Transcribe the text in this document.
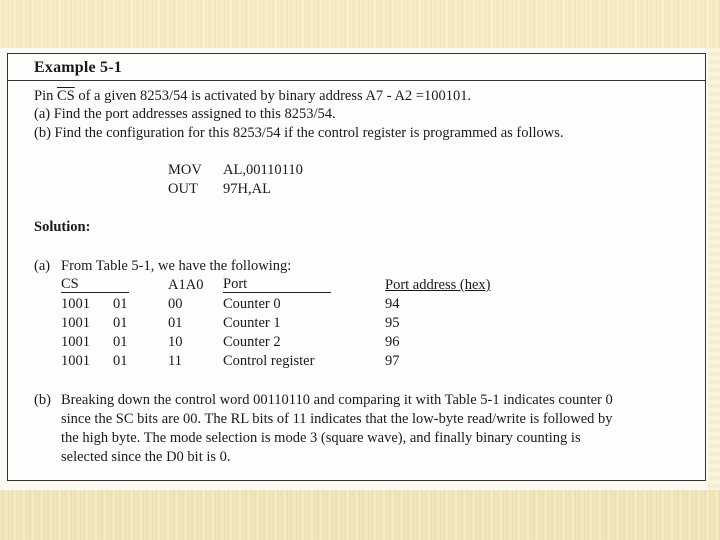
Example 5-1
Pin $\overline{CS}$ of a given 8253/54 is activated by binary address A7 - A2 =100101.
(a) Find the port addresses assigned to this 8253/54.
(b) Find the configuration for this 8253/54 if the control register is programmed as follows.
MOV AL,00110110
OUT 97H,AL
Solution:
(a) From Table 5-1, we have the following:
CS	A1A0 Port	Port address (hex)
1001 01	00	Counter 0	94
1001 01	01	Counter 1	95
1001 01	10	Counter 2	96
1001 01	11	Control register	97
(b) Breaking down the control word 00110110 and comparing it with Table 5-1 indicates counter 0
since the SC bits are 00. The RL bits of 11 indicates that the low-byte read/write is followed by
the high byte. The mode selection is mode 3 (square wave), and finally binary counting is
selected since the D0 bit is 0.
